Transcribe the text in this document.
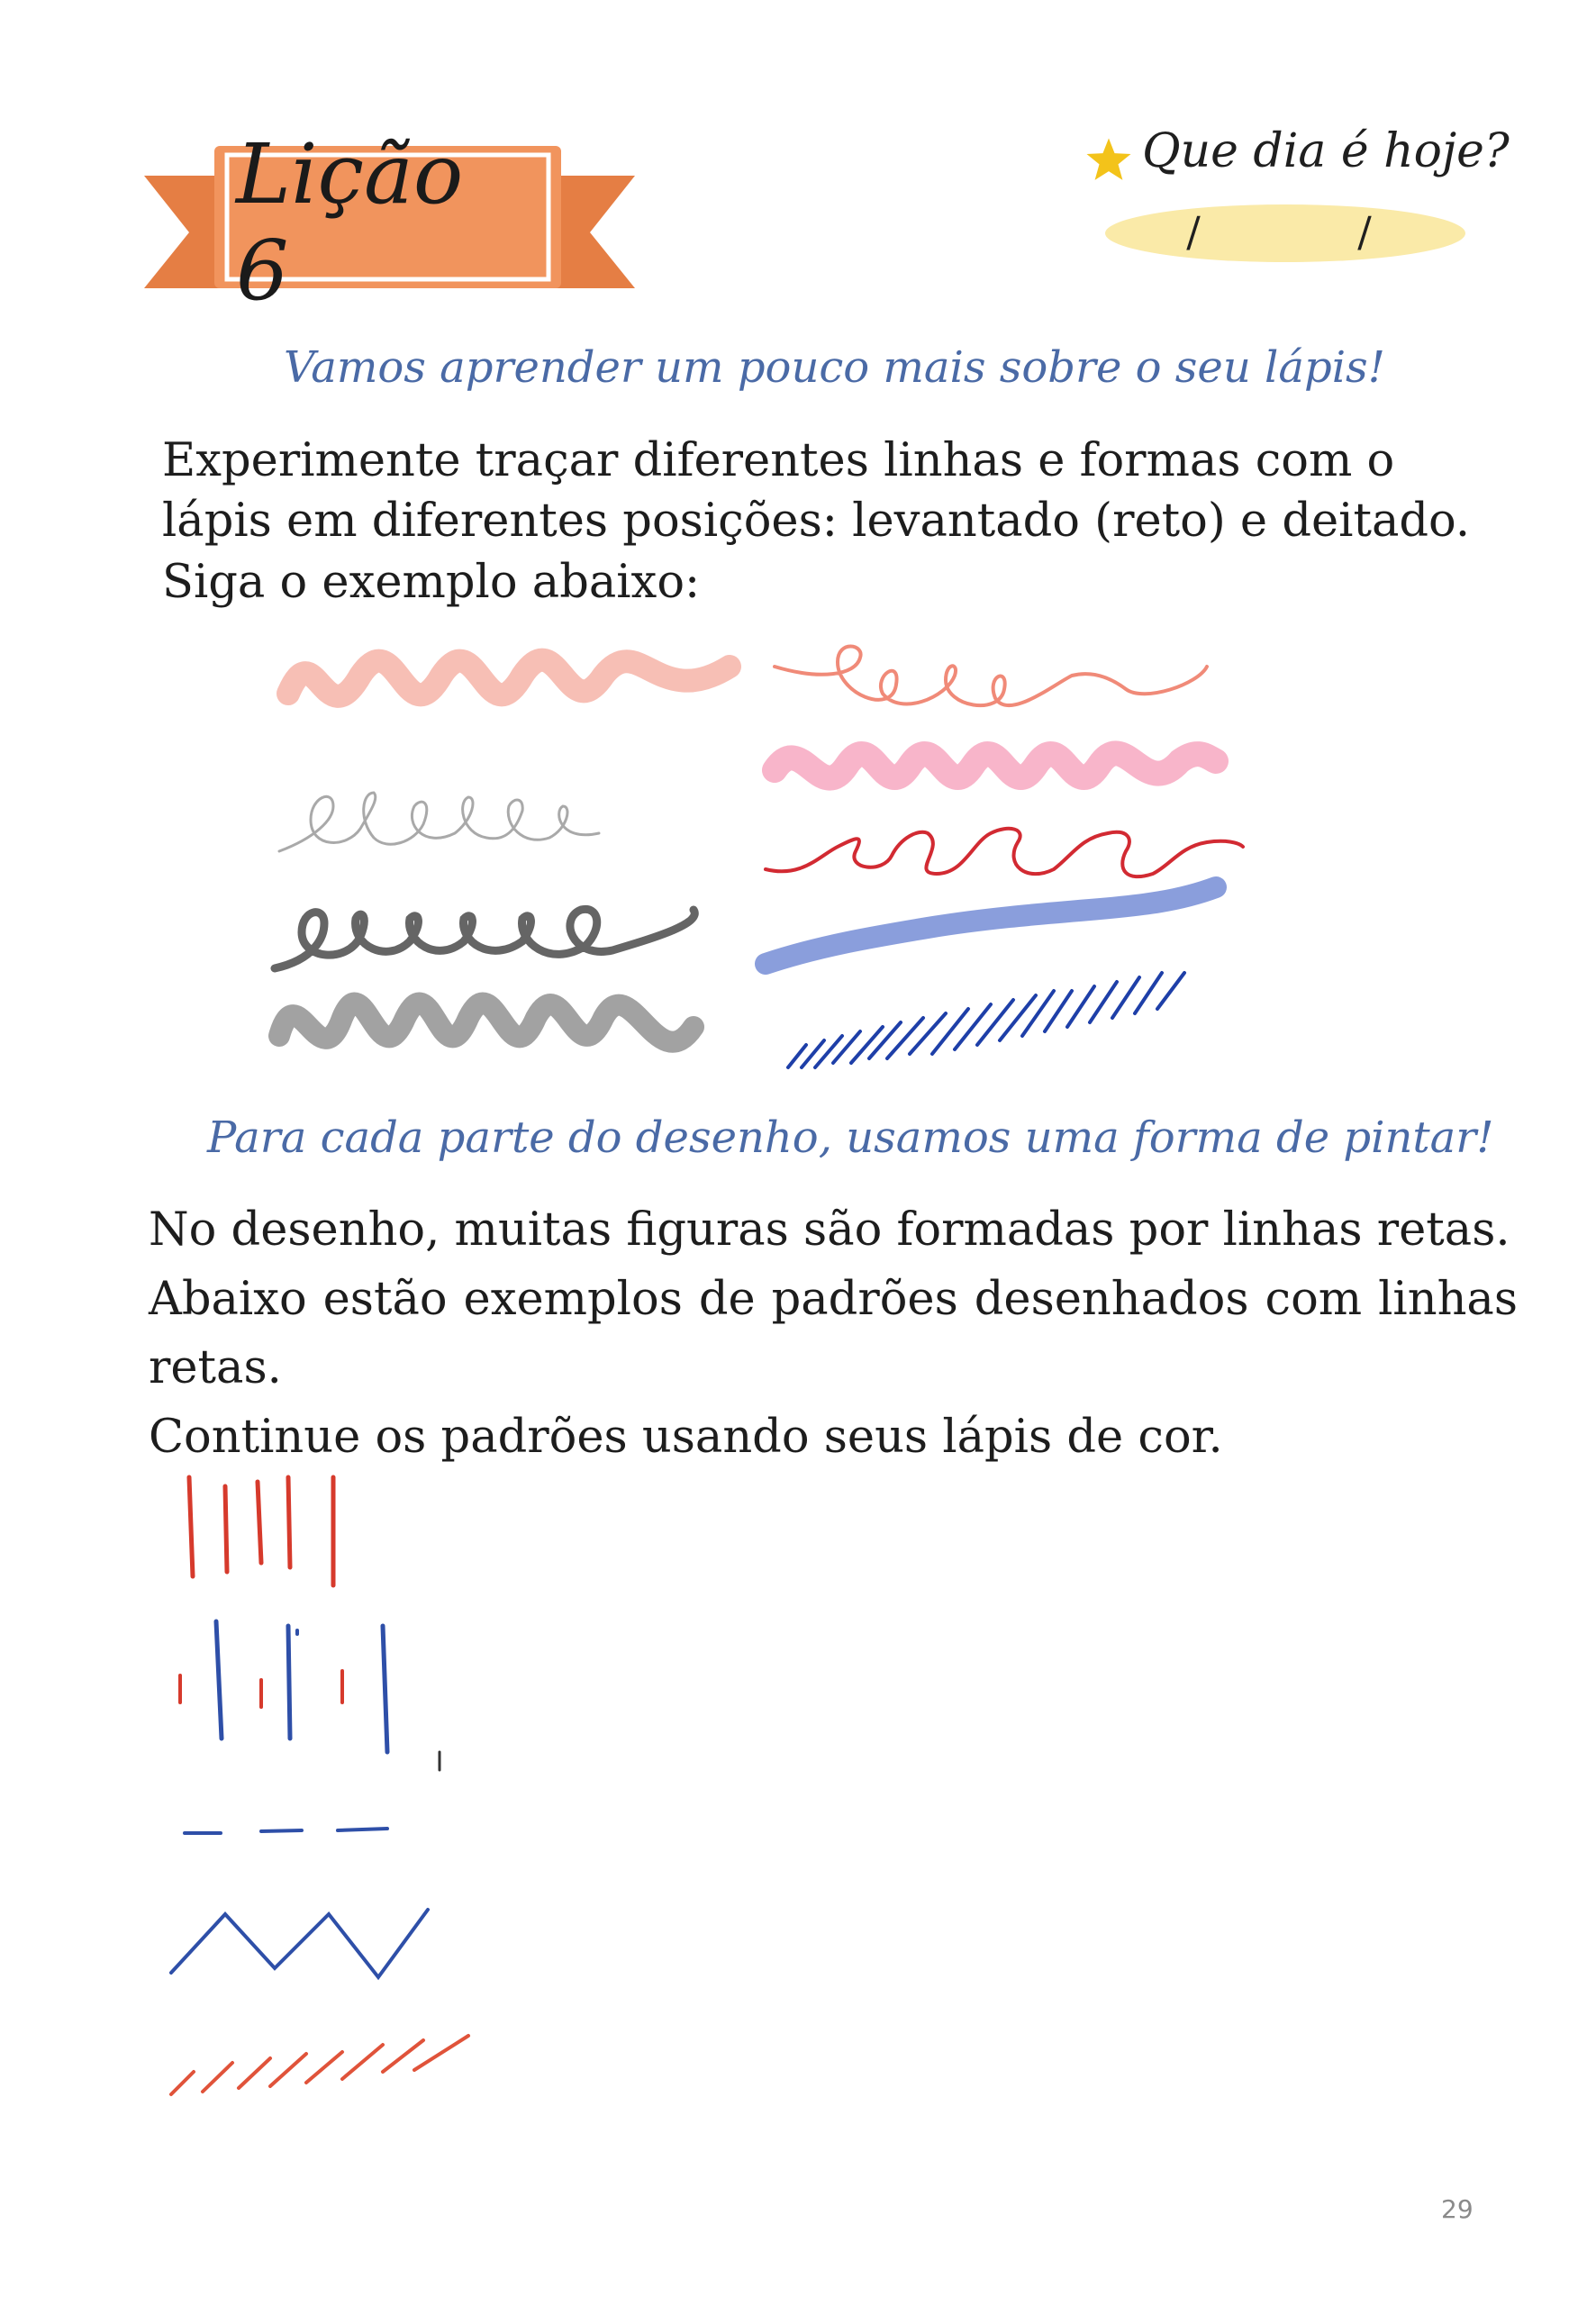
Lição 6
Que dia é hoje?
/ /
Vamos aprender um pouco mais sobre o seu lápis!
Experimente traçar diferentes linhas e formas com o lápis em diferentes posições: levantado (reto) e deitado. Siga o exemplo abaixo:
Para cada parte do desenho, usamos uma forma de pintar!
No desenho, muitas figuras são formadas por linhas retas.
Abaixo estão exemplos de padrões desenhados com linhas retas.
Continue os padrões usando seus lápis de cor.
29
